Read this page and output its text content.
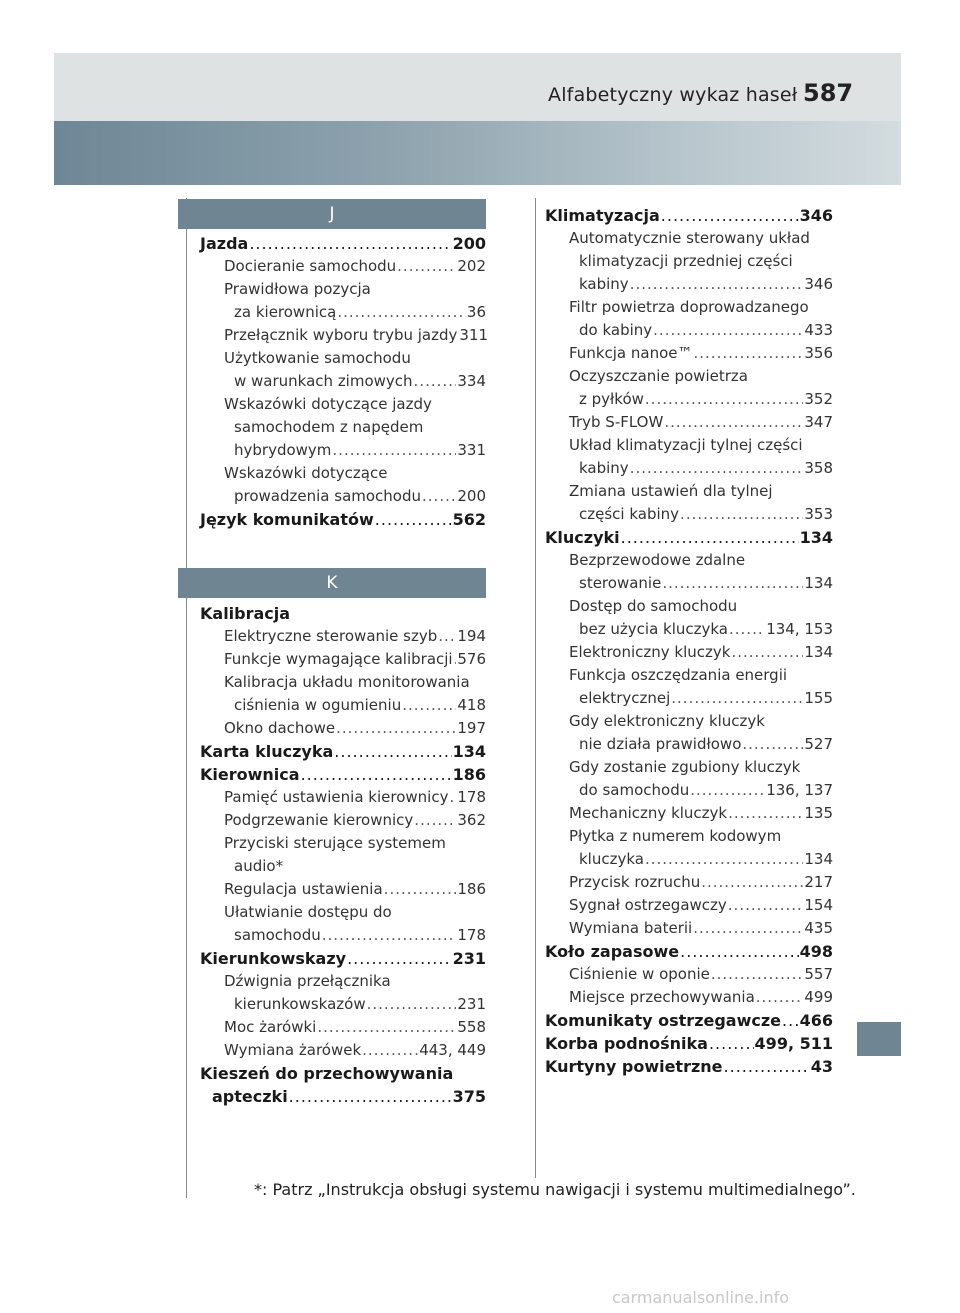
Alfabetyczny wykaz haseł 587
J
K
Jazda .....	200
Docieranie samochodu .....	202
Prawidłowa pozycja
za kierownicą .....	36
Przełącznik wyboru trybu jazdy 311
Użytkowanie samochodu
w warunkach zimowych .....	334
Wskazówki dotyczące jazdy
samochodem z napędem
hybrydowym .....	331
Wskazówki dotyczące
prowadzenia samochodu ..... 200
Język komunikatów .....	562
Kalibracja
Elektryczne sterowanie szyb ..... 194
Funkcje wymagające kalibracji ..... 576
Kalibracja układu monitorowania
ciśnienia w ogumieniu .....	418
Okno dachowe .....	197
Karta kluczyka .....	134
Kierownica .....	186
Pamięć ustawienia kierownicy ..... 178
Podgrzewanie kierownicy .....	362
Przyciski sterujące systemem
audio*
Regulacja ustawienia .....	186
Ułatwianie dostępu do
samochodu .....	178
Kierunkowskazy .....	231
Dźwignia przełącznika
kierunkowskazów .....	231
Moc żarówki .....	558
Wymiana żarówek .....	443, 449
Kieszeń do przechowywania
apteczki .....	375
Klimatyzacja .....	346
Automatycznie sterowany układ
klimatyzacji przedniej części
kabiny .....	346
Filtr powietrza doprowadzanego
do kabiny .....	433
Funkcja nanoe™ .....	356
Oczyszczanie powietrza
z pyłków .....	352
Tryb S-FLOW .....	347
Układ klimatyzacji tylnej części
kabiny .....	358
Zmiana ustawień dla tylnej
części kabiny .....	353
Kluczyki .....	134
Bezprzewodowe zdalne
sterowanie .....	134
Dostęp do samochodu
bez użycia kluczyka .....	134, 153
Elektroniczny kluczyk .....	134
Funkcja oszczędzania energii
elektrycznej .....	155
Gdy elektroniczny kluczyk
nie działa prawidłowo .....	527
Gdy zostanie zgubiony kluczyk
do samochodu .....	136, 137
Mechaniczny kluczyk .....	135
Płytka z numerem kodowym
kluczyka .....	134
Przycisk rozruchu .....	217
Sygnał ostrzegawczy .....	154
Wymiana baterii .....	435
Koło zapasowe .....	498
Ciśnienie w oponie .....	557
Miejsce przechowywania .....	499
Komunikaty ostrzegawcze ..... 466
Korba podnośnika .....	499, 511
Kurtyny powietrzne .....	43
*: Patrz „Instrukcja obsługi systemu nawigacji i systemu multimedialnego”.
carmanualsonline.info
